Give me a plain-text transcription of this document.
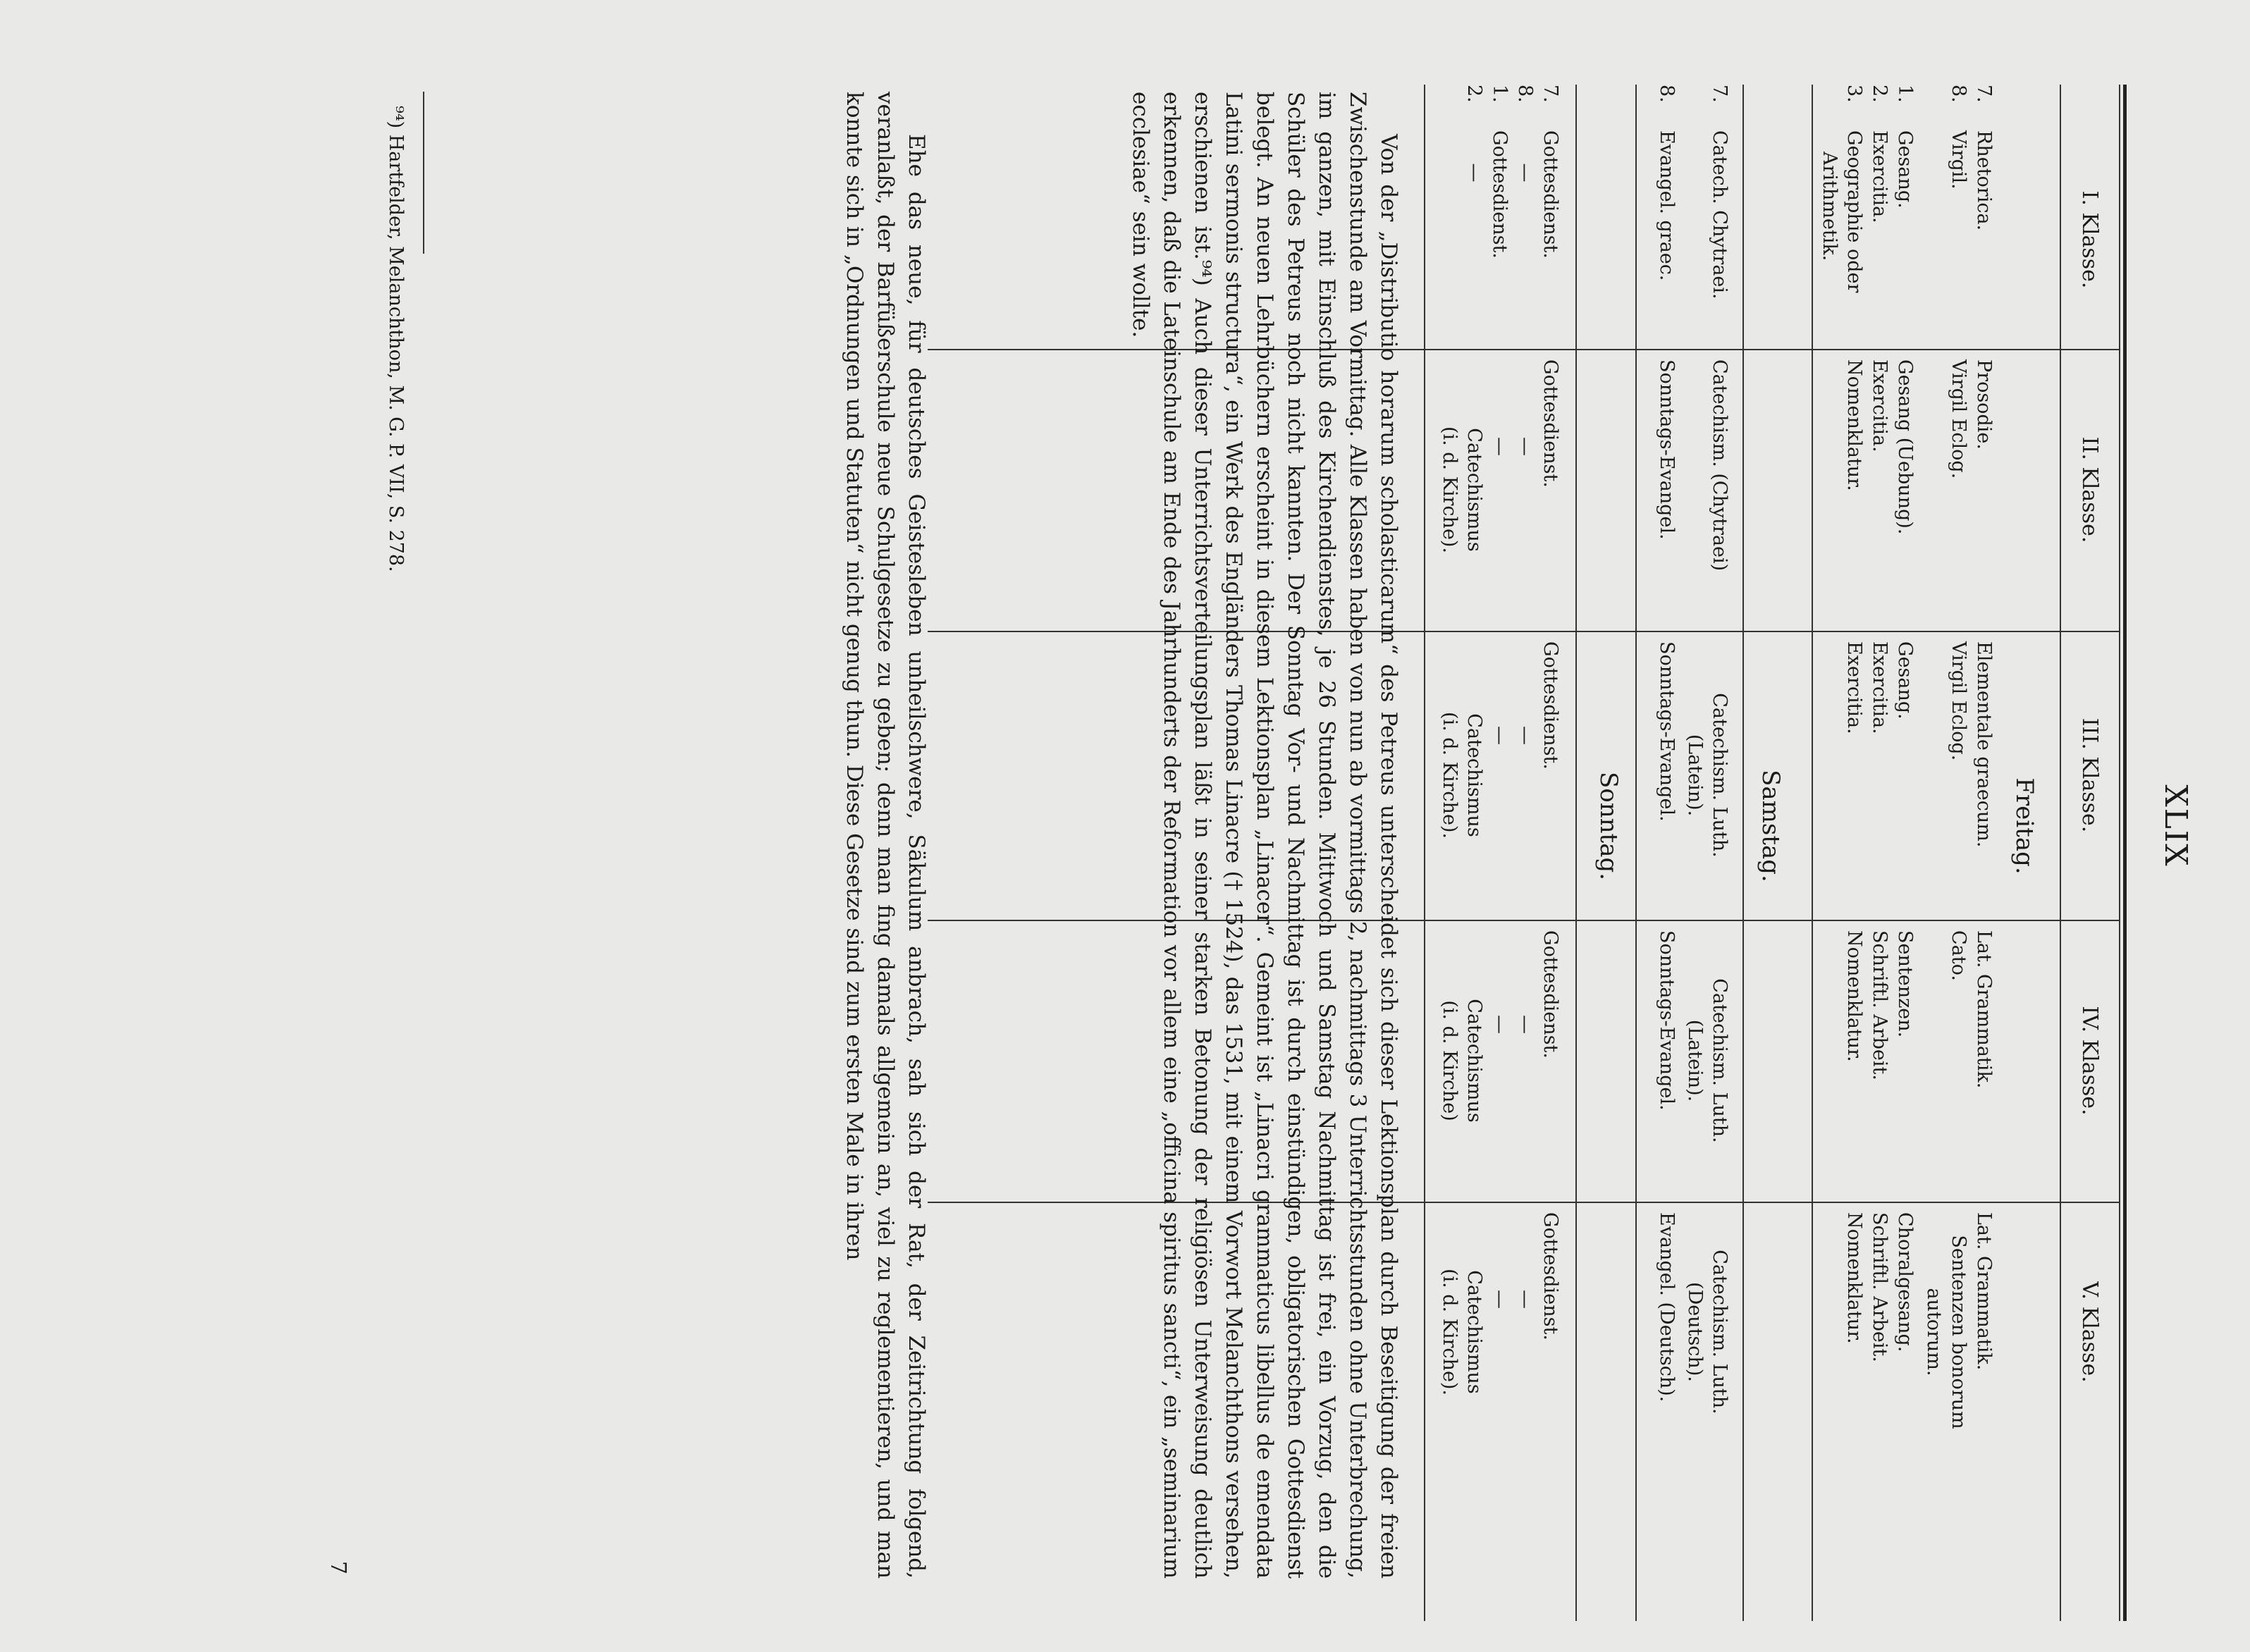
XLIX
I. Klasse.
II. Klasse.
III. Klasse.
IV. Klasse.
V. Klasse.
Freitag.
7.
Rhetorica.
Prosodie.
Elementale graecum.
Lat. Grammatik.
Lat. Grammatik.
8.
Virgil.
Virgil Eclog.
Virgil Eclog.
Cato.
Sentenzen bonorum
autorum.
1.
Gesang.
Gesang (Uebung).
Gesang.
Sentenzen.
Choralgesang.
2.
Exercitia.
Exercitia.
Exercitia.
Schriftl. Arbeit.
Schriftl. Arbeit.
3.
Geographie oder
Arithmetik.
Nomenklatur.
Exercitia.
Nomenklatur.
Nomenklatur.
Samstag.
7.
Catech. Chytraei.
Catechism. (Chytraei)
Catechism. Luth.
(Latein).
Catechism. Luth.
(Latein).
Catechism. Luth.
(Deutsch).
8.
Evangel. graec.
Sonntags-Evangel.
Sonntags-Evangel.
Sonntags-Evangel.
Evangel. (Deutsch).
Sonntag.
7.
Gottesdienst.
Gottesdienst.
Gottesdienst.
Gottesdienst.
Gottesdienst.
8.
—
—
—
—
—
1.
Gottesdienst.
—
—
—
—
2.
—
Catechismus
(i. d. Kirche).
Catechismus
(i. d. Kirche).
Catechismus
(i. d. Kirche)
Catechismus
(i. d. Kirche).

Von der „Distributio horarum scholasticarum“ des Petreus unterscheidet sich dieser Lektionsplan durch Beseitigung der freien Zwischenstunde am Vormittag. Alle Klassen haben von nun ab vormittags 2, nachmittags 3 Unterrichtsstunden ohne Unterbrechung, im ganzen, mit Einschluß des Kirchendienstes, je 26 Stunden. Mittwoch und Samstag Nachmittag ist frei, ein Vorzug, den die Schüler des Petreus noch nicht kannten. Der Sonntag Vor- und Nachmittag ist durch einstündigen, obligatorischen Gottesdienst belegt. An neuen Lehrbüchern erscheint in diesem Lektionsplan „Linacer“. Gemeint ist „Linacri grammaticus libellus de emendata Latini sermonis structura“, ein Werk des Engländers Thomas Linacre († 1524), das 1531, mit einem Vorwort Melanchthons versehen, erschienen ist.⁹⁴) Auch dieser Unterrichtsverteilungsplan läßt in seiner starken Betonung der religiösen Unterweisung deutlich erkennen, daß die Lateinschule am Ende des Jahrhunderts der Reformation vor allem eine „officina spiritus sancti“, ein „seminarium ecclesiae“ sein wollte.

Ehe das neue, für deutsches Geistesleben unheilschwere, Säkulum anbrach, sah sich der Rat, der Zeitrichtung folgend, veranlaßt, der Barfüßerschule neue Schulgesetze zu geben; denn man fing damals allgemein an, viel zu reglementieren, und man konnte sich in „Ordnungen und Statuten“ nicht genug thun. Diese Gesetze sind zum ersten Male in ihren

⁹⁴) Hartfelder, Melanchthon, M. G. P. VII, S. 278.
7
